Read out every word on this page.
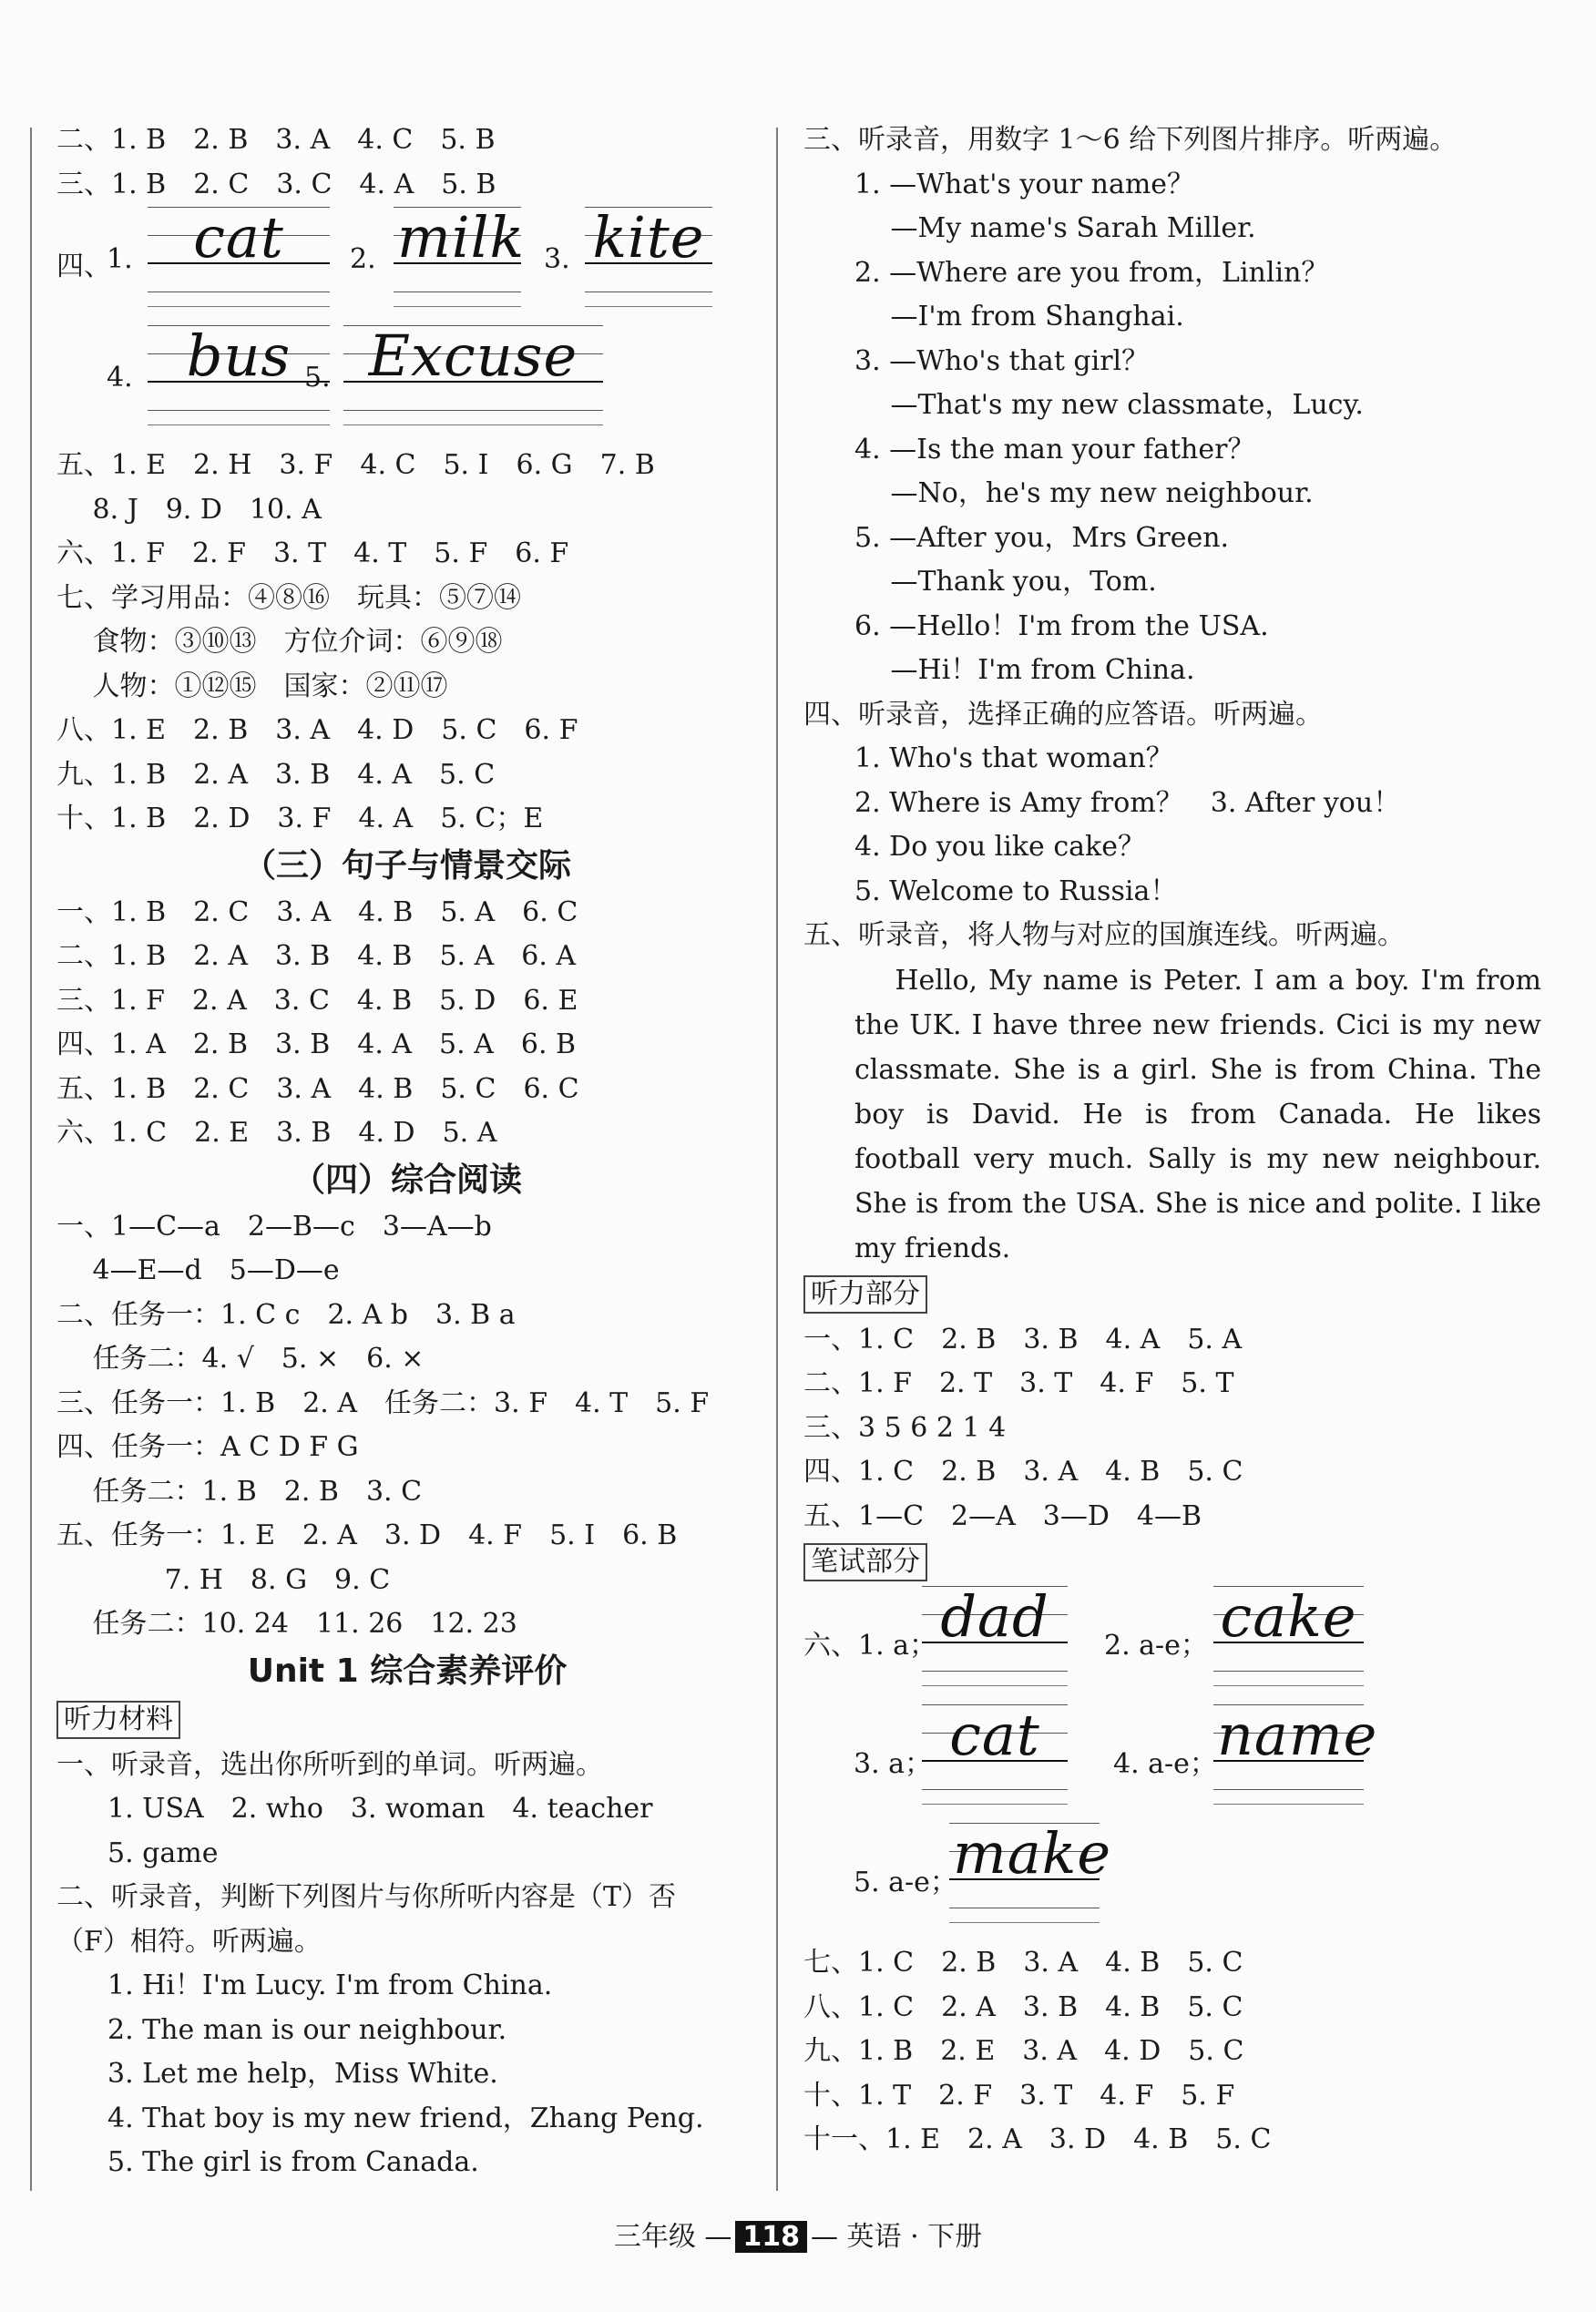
二、1. B　2. B　3. A　4. C　5. B
三、1. B　2. C　3. C　4. A　5. B
四、
1.	cat	2. milk 3. kite
4. bus 5. Excuse
五、1. E　2. H　3. F　4. C　5. I　6. G　7. B
　 8. J　9. D　10. A
六、1. F　2. F　3. T　4. T　5. F　6. F
七、学习用品：④⑧⑯　玩具：⑤⑦⑭
　 食物：③⑩⑬　方位介词：⑥⑨⑱
　 人物：①⑫⑮　国家：②⑪⑰
八、1. E　2. B　3. A　4. D　5. C　6. F
九、1. B　2. A　3. B　4. A　5. C
十、1. B　2. D　3. F　4. A　5. C；E
（三）句子与情景交际
一、1. B　2. C　3. A　4. B　5. A　6. C
二、1. B　2. A　3. B　4. B　5. A　6. A
三、1. F　2. A　3. C　4. B　5. D　6. E
四、1. A　2. B　3. B　4. A　5. A　6. B
五、1. B　2. C　3. A　4. B　5. C　6. C
六、1. C　2. E　3. B　4. D　5. A
（四）综合阅读
一、1—C—a　2—B—c　3—A—b
　 4—E—d　5—D—e
二、任务一：1. C c　2. A b　3. B a
　 任务二：4. √　5. ×　6. ×
三、任务一：1. B　2. A　任务二：3. F　4. T　5. F
四、任务一：A C D F G
　 任务二：1. B　2. B　3. C
五、任务一：1. E　2. A　3. D　4. F　5. I　6. B
　 　 　 7. H　8. G　9. C
　 任务二：10. 24　11. 26　12. 23
Unit 1 综合素养评价
听力材料
一、听录音，选出你所听到的单词。听两遍。
1. USA　2. who　3. woman　4. teacher
5. game
二、听录音，判断下列图片与你所听内容是（T）否
（F）相符。听两遍。
1. Hi！I'm Lucy. I'm from China.
2. The man is our neighbour.
3. Let me help，Miss White.
4. That boy is my new friend，Zhang Peng.
5. The girl is from Canada.
三、听录音，用数字 1～6 给下列图片排序。听两遍。
1. —What's your name？
　 —My name's Sarah Miller.
2. —Where are you from，Linlin？
　 —I'm from Shanghai.
3. —Who's that girl？
　 —That's my new classmate，Lucy.
4. —Is the man your father？
　 —No，he's my new neighbour.
5. —After you，Mrs Green.
　 —Thank you，Tom.
6. —Hello！I'm from the USA.
　 —Hi！I'm from China.
四、听录音，选择正确的应答语。听两遍。
1. Who's that woman？
2. Where is Amy from？　3. After you！
4. Do you like cake？
5. Welcome to Russia！
五、听录音，将人物与对应的国旗连线。听两遍。
　 Hello, My name is Peter. I am a boy. I'm from the UK. I have three new friends. Cici is my new classmate. She is a girl. She is from China. The boy is David. He is from Canada. He likes football very much. Sally is my new neighbour. She is from the USA. She is nice and polite. I like my friends.
听力部分
一、1. C　2. B　3. B　4. A　5. A
二、1. F　2. T　3. T　4. F　5. T
三、3 5 6 2 1 4
四、1. C　2. B　3. A　4. B　5. C
五、1—C　2—A　3—D　4—B
笔试部分
六、1. a； dad	2. a-e； cake
3. a； cat	4. a-e； name
5. a-e；
make
七、1. C　2. B　3. A　4. B　5. C
八、1. C　2. A　3. B　4. B　5. C
九、1. B　2. E　3. A　4. D　5. C
十、1. T　2. F　3. T　4. F　5. F
十一、1. E　2. A　3. D　4. B　5. C
三年级 — 118 — 英语 · 下册
